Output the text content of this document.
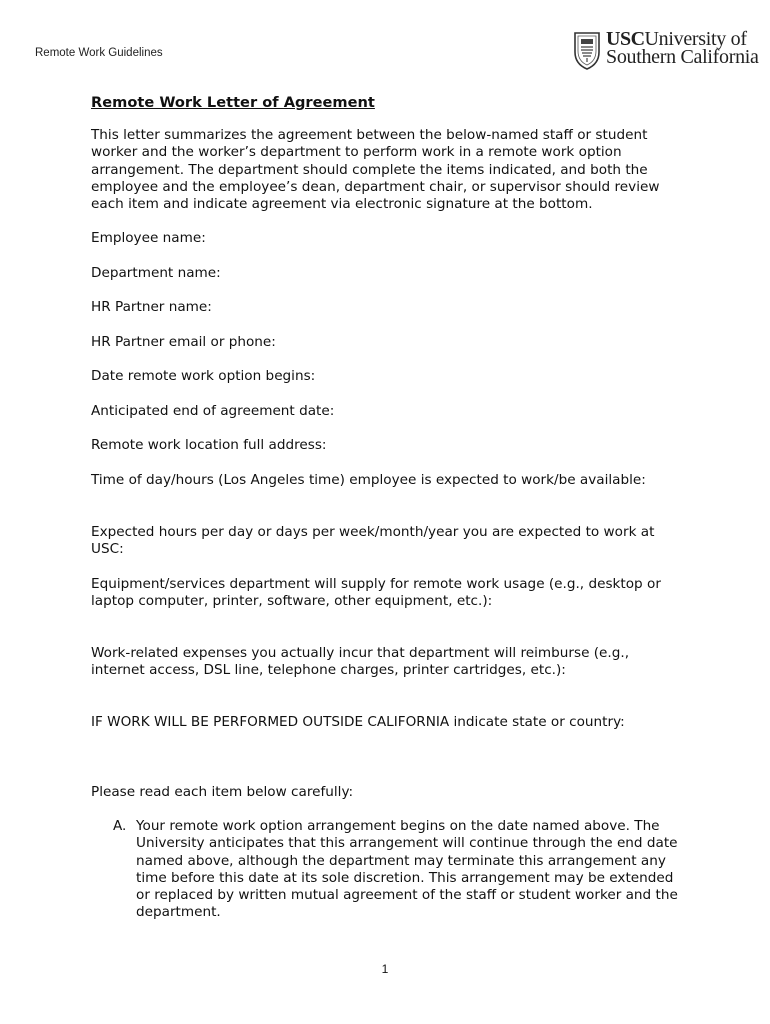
Remote Work Guidelines
USCUniversity of
Southern California
Remote Work Letter of Agreement

This letter summarizes the agreement between the below-named staff or student worker and the worker’s department to perform work in a remote work option arrangement. The department should complete the items indicated, and both the employee and the employee’s dean, department chair, or supervisor should review each item and indicate agreement via electronic signature at the bottom.

Employee name:

Department name:

HR Partner name:

HR Partner email or phone:

Date remote work option begins:

Anticipated end of agreement date:

Remote work location full address:

Time of day/hours (Los Angeles time) employee is expected to work/be available:

Expected hours per day or days per week/month/year you are expected to work at USC:

Equipment/services department will supply for remote work usage (e.g., desktop or laptop computer, printer, software, other equipment, etc.):

Work-related expenses you actually incur that department will reimburse (e.g., internet access, DSL line, telephone charges, printer cartridges, etc.):

IF WORK WILL BE PERFORMED OUTSIDE CALIFORNIA indicate state or country:

Please read each item below carefully:

A. Your remote work option arrangement begins on the date named above. The University anticipates that this arrangement will continue through the end date named above, although the department may terminate this arrangement any time before this date at its sole discretion. This arrangement may be extended or replaced by written mutual agreement of the staff or student worker and the department.
1
